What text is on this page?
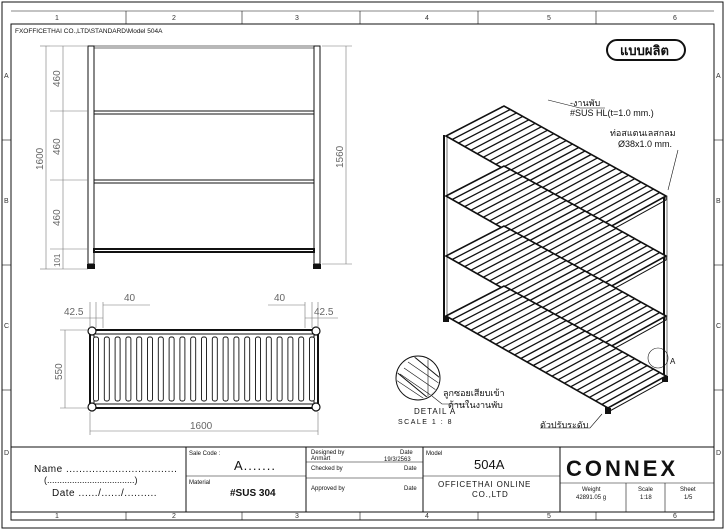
1	2	3	4	5	6
1	2	3	4	5	6
A
B
C
D
A
B
C
D
FXOFFICETHAI CO.,LTD\STANDARD\Model 504A
แบบผลิต
460
460
460
101
1600	1560
42.5
40	40
42.5
550
1600
-งานพับ
#SUS HL(t=1.0 mm.)
ท่อสแตนเลสกลม
Ø38x1.0 mm.
A
DETAIL A
SCALE 1 : 8
ลูกซอยเสียบเข้า
ด้านในงานพับ
ตัวปรับระดับ
Name ..................................
(...................................)
Date ....../....../..........
Sale Code :
A.......
Material
#SUS 304
Designed by
Anmart
Date
19/3/2563
Checked by	Date
Approved by	Date
Model
504A
OFFICETHAI ONLINE
CO.,LTD
CONNEX
Weight
42891.05 g
Scale
1:18
Sheet
1/5
